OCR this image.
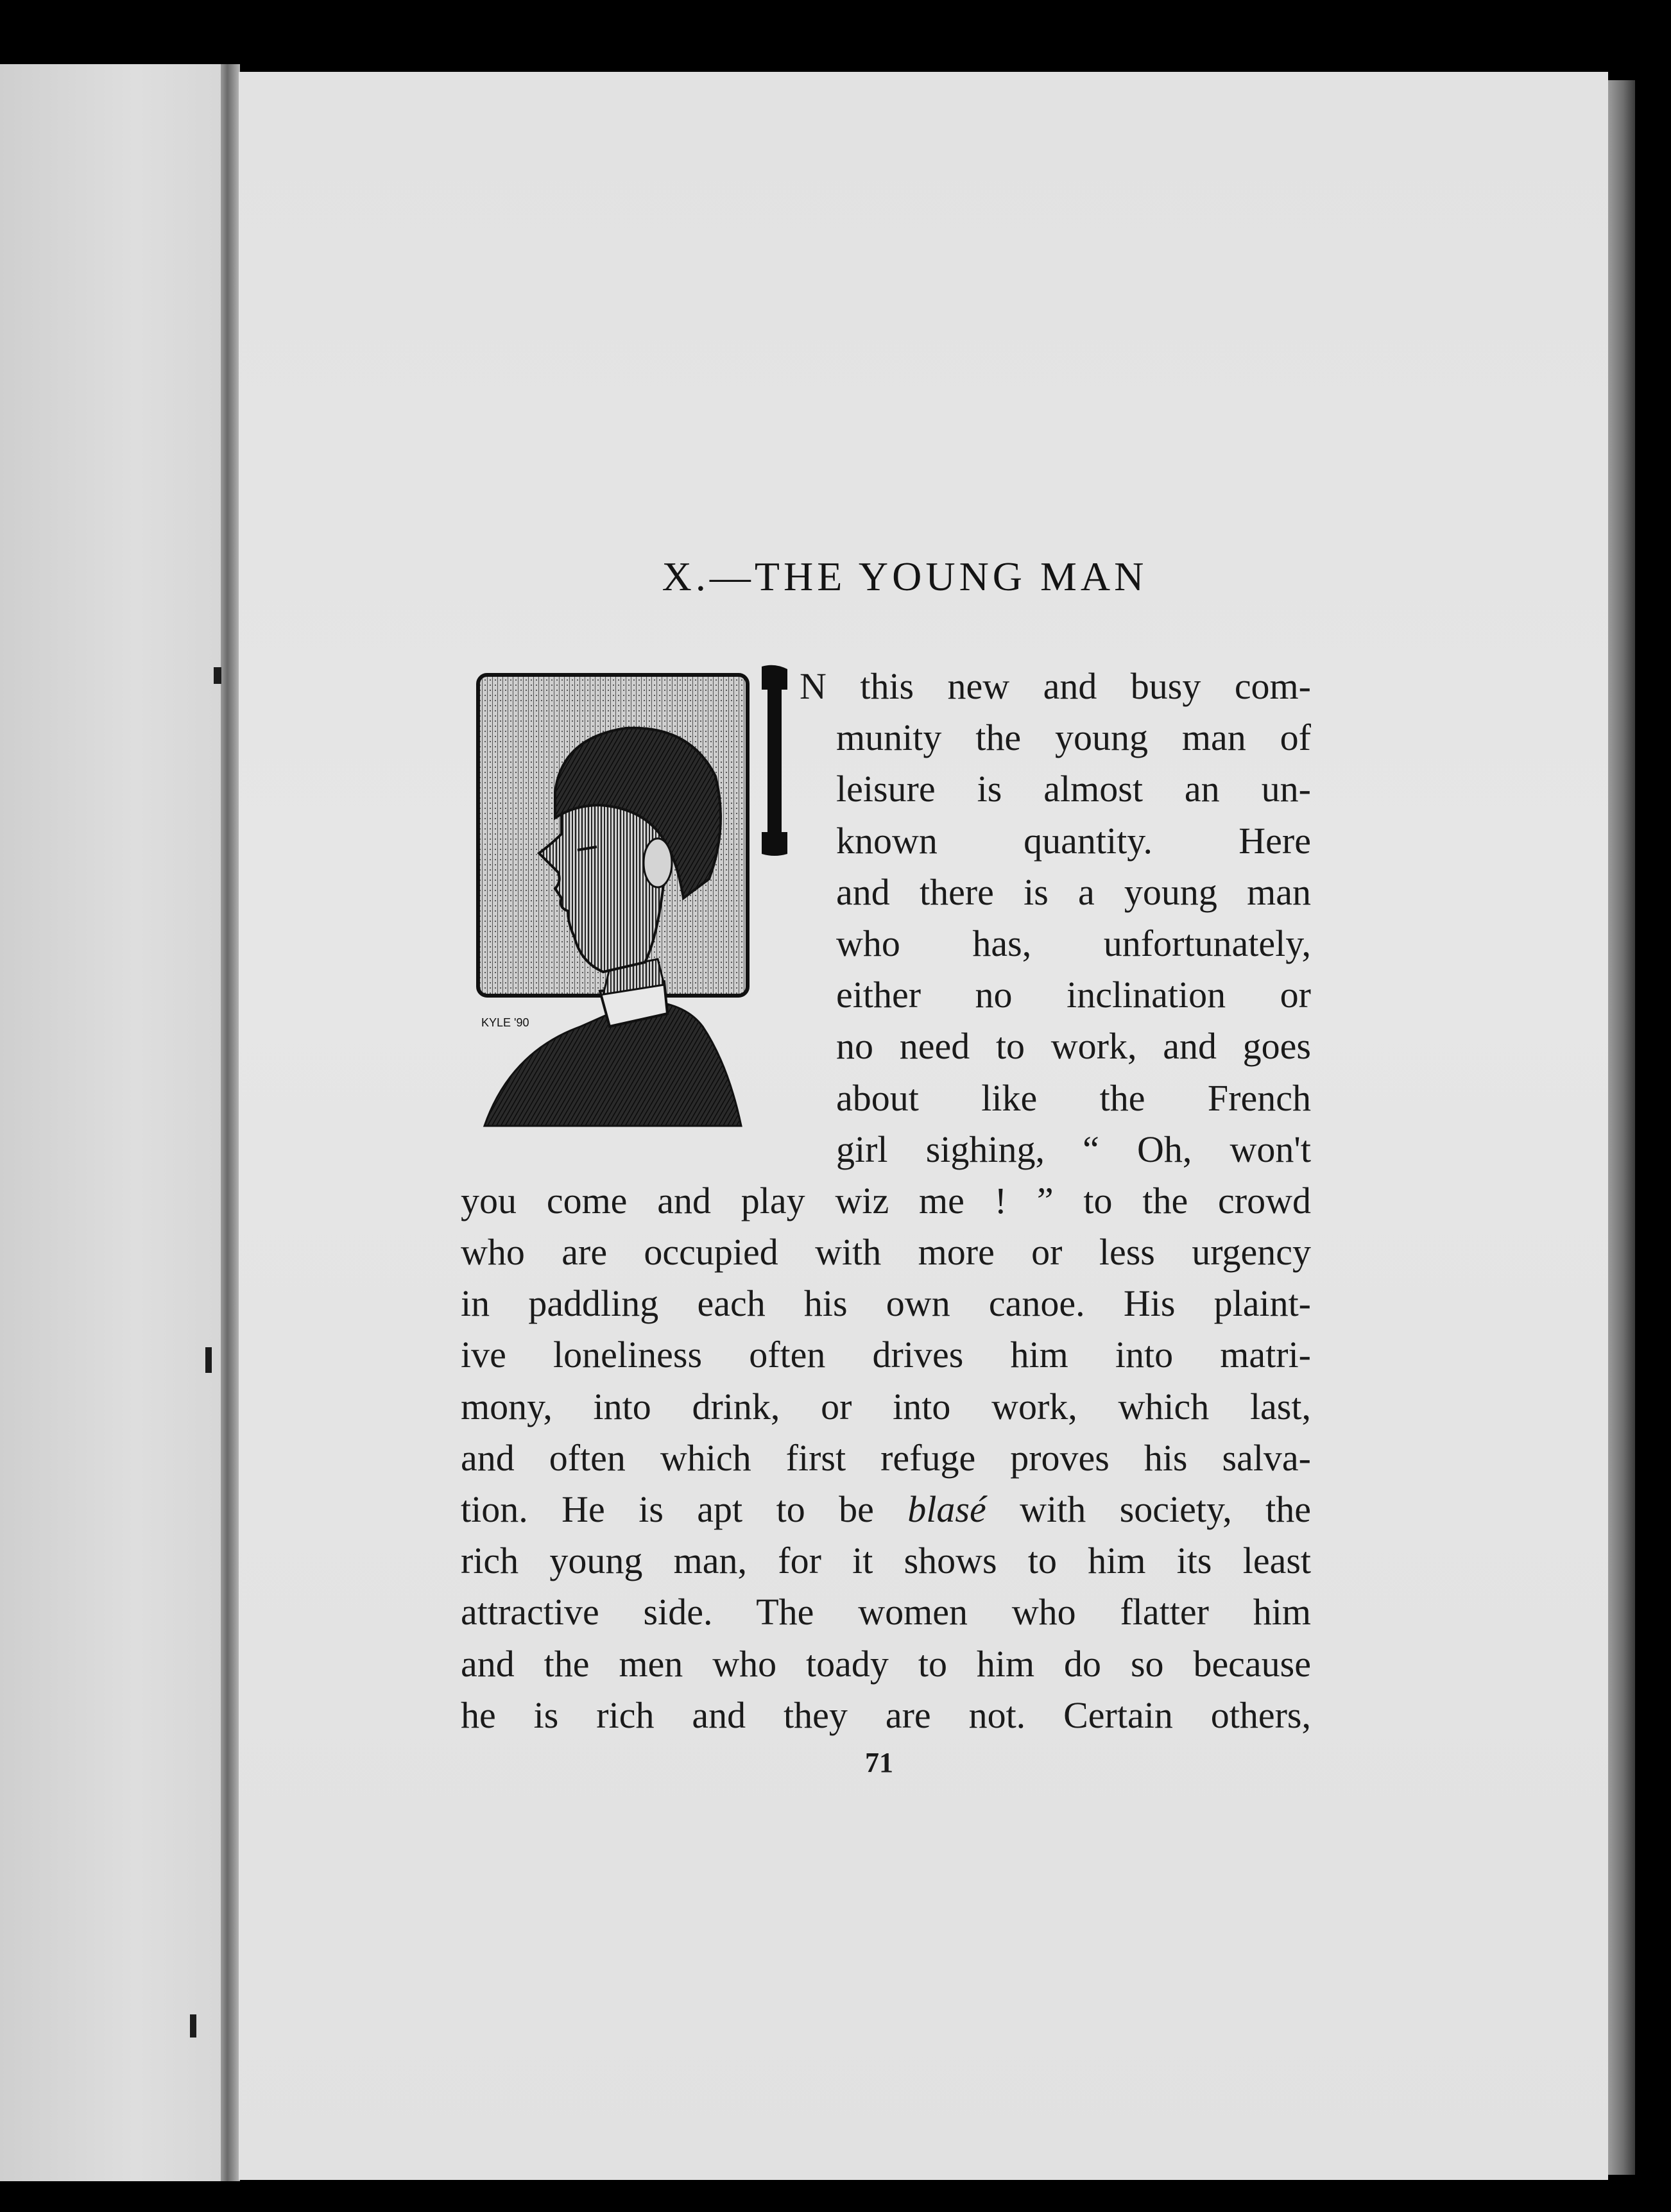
X.—THE YOUNG MAN
KYLE '90
N this new and busy com-
munity the young man of
leisure is almost an un-
known quantity. Here
and there is a young man
who has, unfortunately,
either no inclination or
no need to work, and goes
about like the French
girl sighing, “ Oh, won't
you come and play wiz me ! ” to the crowd
who are occupied with more or less urgency
in paddling each his own canoe. His plaint-
ive loneliness often drives him into matri-
mony, into drink, or into work, which last,
and often which first refuge proves his salva-
tion. He is apt to be blasé with society, the
rich young man, for it shows to him its least
attractive side. The women who flatter him
and the men who toady to him do so because
he is rich and they are not. Certain others,
71
